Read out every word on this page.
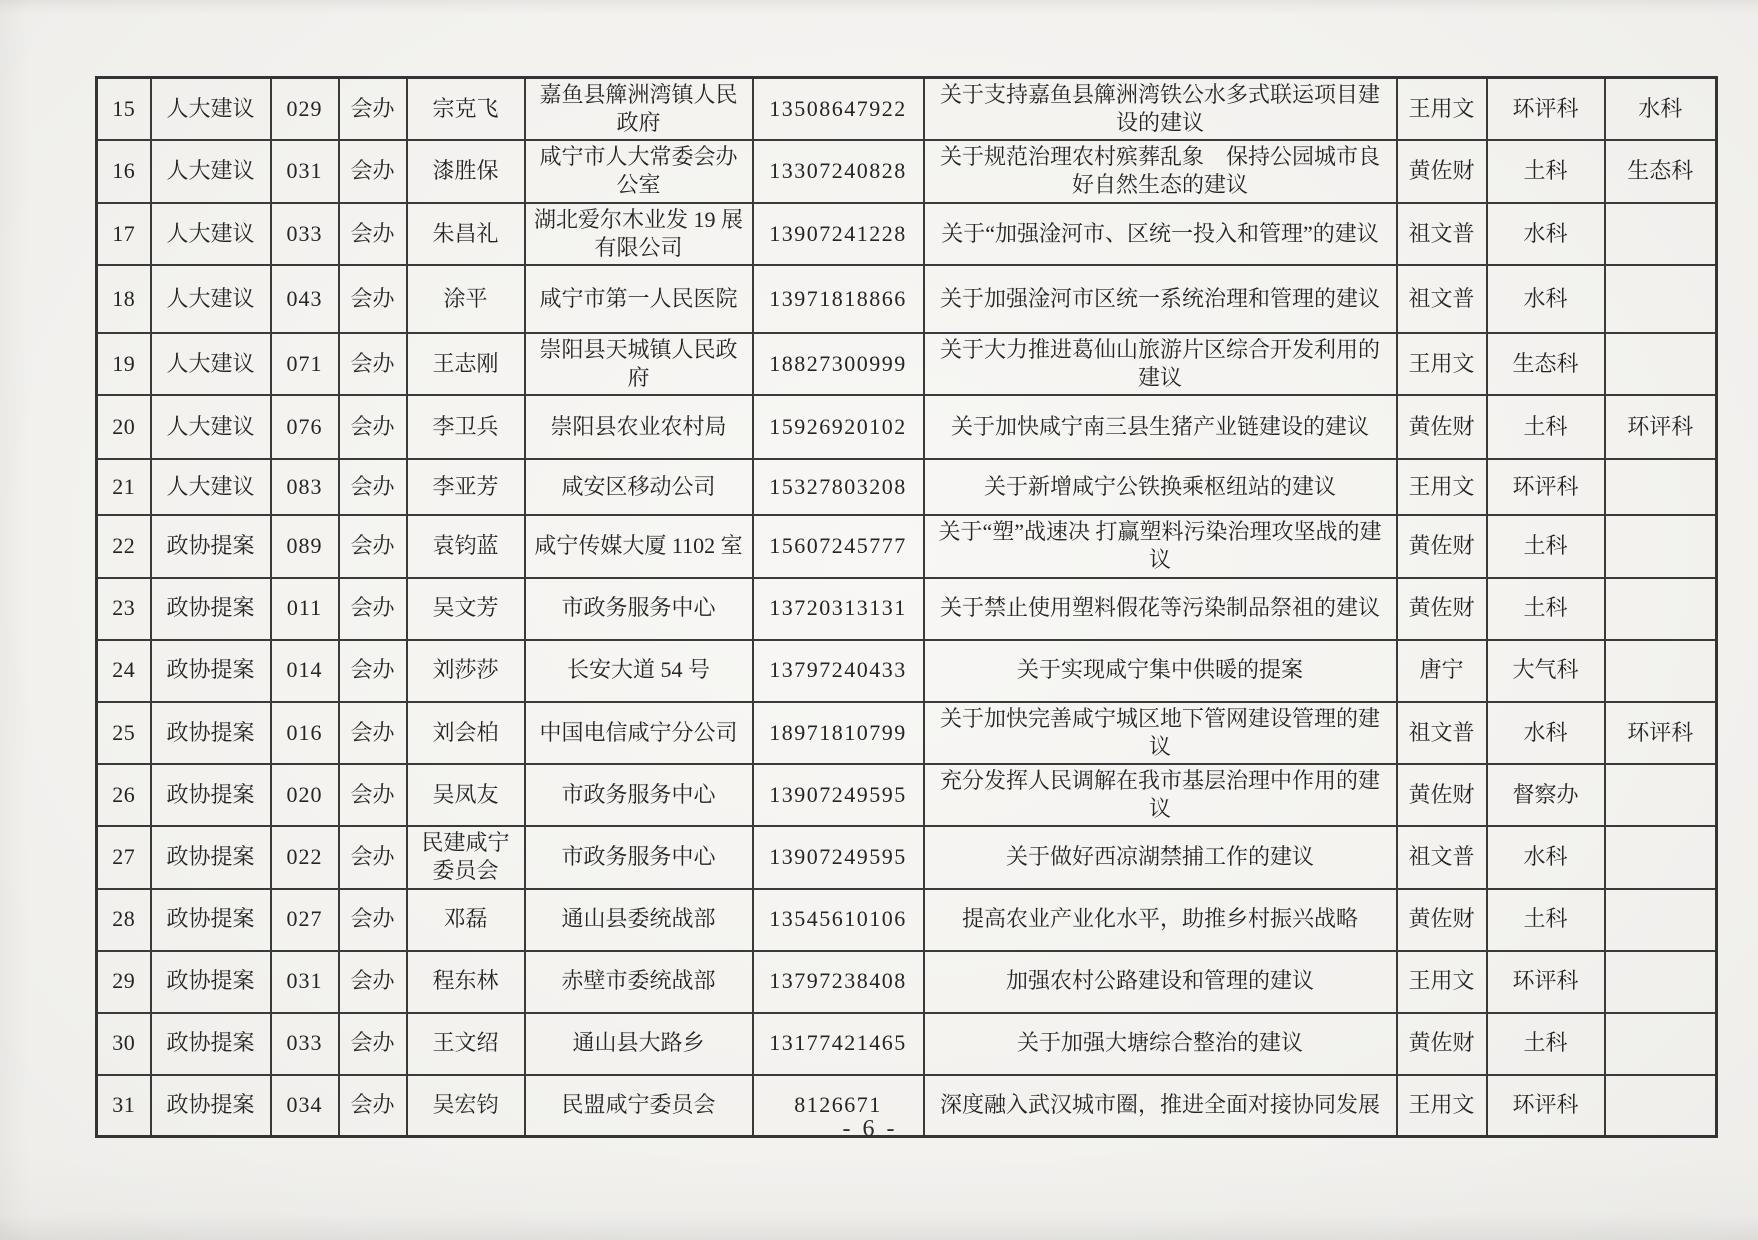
15	人大建议	029	会办	宗克飞	嘉鱼县簰洲湾镇人民政府	13508647922	关于支持嘉鱼县簰洲湾铁公水多式联运项目建设的建议	王用文	环评科	水科
16	人大建议	031	会办	漆胜保	咸宁市人大常委会办公室	13307240828	关于规范治理农村殡葬乱象　保持公园城市良好自然生态的建议	黄佐财	土科	生态科
17	人大建议	033	会办	朱昌礼	湖北爱尔木业发 19 展有限公司	13907241228	关于“加强淦河市、区统一投入和管理”的建议	祖文普	水科	
18	人大建议	043	会办	涂平	咸宁市第一人民医院	13971818866	关于加强淦河市区统一系统治理和管理的建议	祖文普	水科	
19	人大建议	071	会办	王志刚	崇阳县天城镇人民政府	18827300999	关于大力推进葛仙山旅游片区综合开发利用的建议	王用文	生态科	
20	人大建议	076	会办	李卫兵	崇阳县农业农村局	15926920102	关于加快咸宁南三县生猪产业链建设的建议	黄佐财	土科	环评科
21	人大建议	083	会办	李亚芳	咸安区移动公司	15327803208	关于新增咸宁公铁换乘枢纽站的建议	王用文	环评科	
22	政协提案	089	会办	袁钧蓝	咸宁传媒大厦 1102 室	15607245777	关于“塑”战速决 打赢塑料污染治理攻坚战的建议	黄佐财	土科	
23	政协提案	011	会办	吴文芳	市政务服务中心	13720313131	关于禁止使用塑料假花等污染制品祭祖的建议	黄佐财	土科	
24	政协提案	014	会办	刘莎莎	长安大道 54 号	13797240433	关于实现咸宁集中供暖的提案	唐宁	大气科	
25	政协提案	016	会办	刘会柏	中国电信咸宁分公司	18971810799	关于加快完善咸宁城区地下管网建设管理的建议	祖文普	水科	环评科
26	政协提案	020	会办	吴凤友	市政务服务中心	13907249595	充分发挥人民调解在我市基层治理中作用的建议	黄佐财	督察办	
27	政协提案	022	会办	民建咸宁委员会	市政务服务中心	13907249595	关于做好西凉湖禁捕工作的建议	祖文普	水科	
28	政协提案	027	会办	邓磊	通山县委统战部	13545610106	提高农业产业化水平，助推乡村振兴战略	黄佐财	土科	
29	政协提案	031	会办	程东林	赤壁市委统战部	13797238408	加强农村公路建设和管理的建议	王用文	环评科	
30	政协提案	033	会办	王文绍	通山县大路乡	13177421465	关于加强大塘综合整治的建议	黄佐财	土科	
31	政协提案	034	会办	吴宏钧	民盟咸宁委员会	8126671	深度融入武汉城市圈，推进全面对接协同发展	王用文	环评科	
- 6 -
